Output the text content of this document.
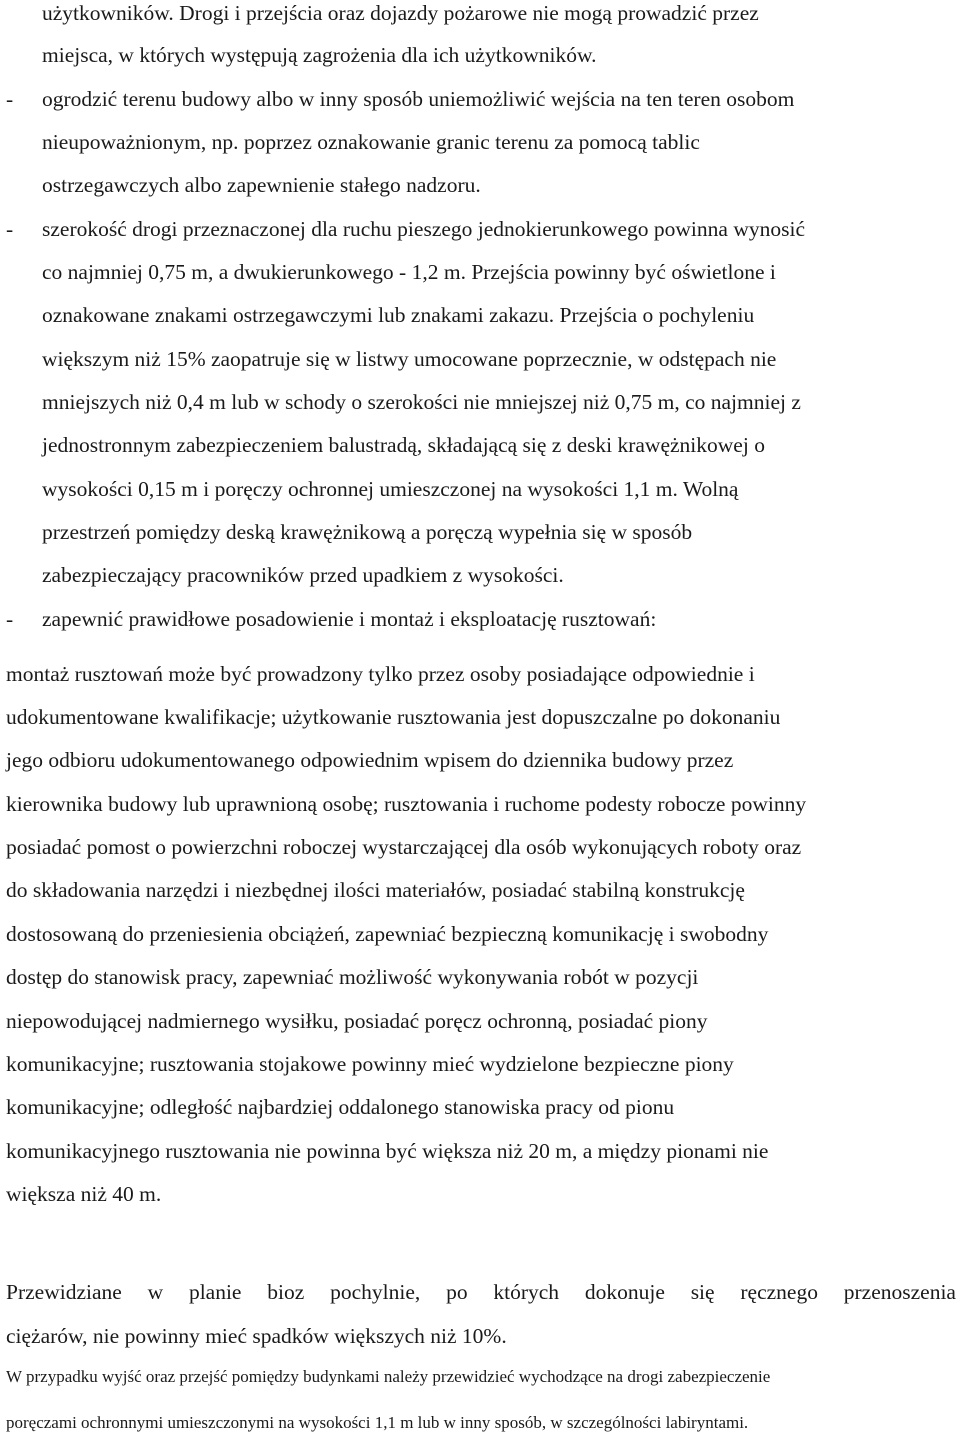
użytkowników. Drogi i przejścia oraz dojazdy pożarowe nie mogą prowadzić przez
miejsca, w których występują zagrożenia dla ich użytkowników.
- ogrodzić terenu budowy albo w inny sposób uniemożliwić wejścia na ten teren osobom
nieupoważnionym, np. poprzez oznakowanie granic terenu za pomocą tablic
ostrzegawczych albo zapewnienie stałego nadzoru.
- szerokość drogi przeznaczonej dla ruchu pieszego jednokierunkowego powinna wynosić
co najmniej 0,75 m, a dwukierunkowego - 1,2 m. Przejścia powinny być oświetlone i
oznakowane znakami ostrzegawczymi lub znakami zakazu. Przejścia o pochyleniu
większym niż 15% zaopatruje się w listwy umocowane poprzecznie, w odstępach nie
mniejszych niż 0,4 m lub w schody o szerokości nie mniejszej niż 0,75 m, co najmniej z
jednostronnym zabezpieczeniem balustradą, składającą się z deski krawężnikowej o
wysokości 0,15 m i poręczy ochronnej umieszczonej na wysokości 1,1 m. Wolną
przestrzeń pomiędzy deską krawężnikową a poręczą wypełnia się w sposób
zabezpieczający pracowników przed upadkiem z wysokości.
- zapewnić prawidłowe posadowienie i montaż i eksploatację rusztowań:
montaż rusztowań może być prowadzony tylko przez osoby posiadające odpowiednie i
udokumentowane kwalifikacje; użytkowanie rusztowania jest dopuszczalne po dokonaniu
jego odbioru udokumentowanego odpowiednim wpisem do dziennika budowy przez
kierownika budowy lub uprawnioną osobę; rusztowania i ruchome podesty robocze powinny
posiadać pomost o powierzchni roboczej wystarczającej dla osób wykonujących roboty oraz
do składowania narzędzi i niezbędnej ilości materiałów, posiadać stabilną konstrukcję
dostosowaną do przeniesienia obciążeń, zapewniać bezpieczną komunikację i swobodny
dostęp do stanowisk pracy, zapewniać możliwość wykonywania robót w pozycji
niepowodującej nadmiernego wysiłku, posiadać poręcz ochronną, posiadać piony
komunikacyjne; rusztowania stojakowe powinny mieć wydzielone bezpieczne piony
komunikacyjne; odległość najbardziej oddalonego stanowiska pracy od pionu
komunikacyjnego rusztowania nie powinna być większa niż 20 m, a między pionami nie
większa niż 40 m.
Przewidziane w planie bioz pochylnie, po których dokonuje się ręcznego przenoszenia
ciężarów, nie powinny mieć spadków większych niż 10%.
W przypadku wyjść oraz przejść pomiędzy budynkami należy przewidzieć wychodzące na drogi zabezpieczenie
poręczami ochronnymi umieszczonymi na wysokości 1,1 m lub w inny sposób, w szczególności labiryntami.
